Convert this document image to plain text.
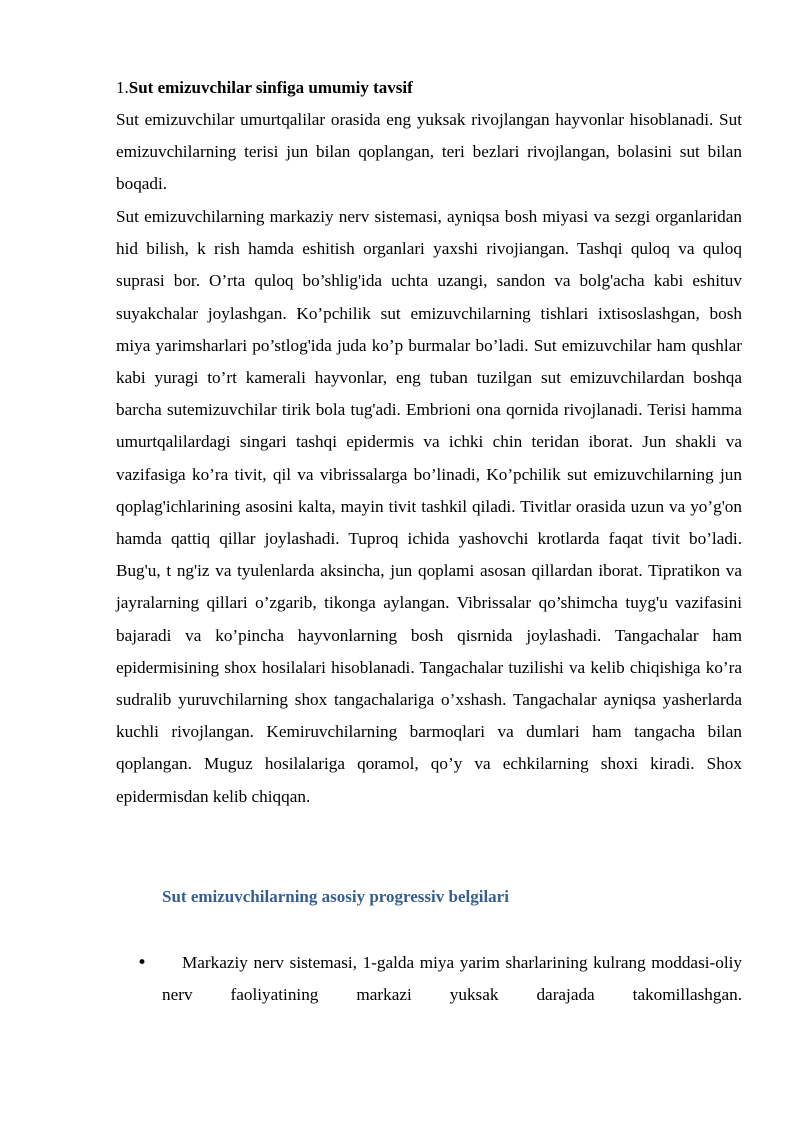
1.Sut emizuvchilar sinfiga umumiy tavsif

Sut emizuvchilar umurtqalilar orasida eng yuksak rivojlangan hayvonlar hisoblanadi. Sut emizuvchilarning terisi jun bilan qoplangan, teri bezlari rivojlangan, bolasini sut bilan boqadi.

Sut emizuvchilarning markaziy nerv sistemasi, ayniqsa bosh miyasi va sezgi organlaridan hid bilish, k rish hamda eshitish organlari yaxshi rivojiangan. Tashqi quloq va quloq suprasi bor. O’rta quloq bo’shlig'ida uchta uzangi, sandon va bolg'acha kabi eshituv suyakchalar joylashgan. Ko’pchilik sut emizuvchilarning tishlari ixtisoslashgan, bosh miya yarimsharlari po’stlog'ida juda ko’p burmalar bo’ladi. Sut emizuvchilar ham qushlar kabi yuragi to’rt kamerali hayvonlar, eng tuban tuzilgan sut emizuvchilardan boshqa barcha sutemizuvchilar tirik bola tug'adi. Embrioni ona qornida rivojlanadi. Terisi hamma umurtqalilardagi singari tashqi epidermis va ichki chin teridan iborat. Jun shakli va vazifasiga ko’ra tivit, qil va vibrissalarga bo’linadi, Ko’pchilik sut emizuvchilarning jun qoplag'ichlarining asosini kalta, mayin tivit tashkil qiladi. Tivitlar orasida uzun va yo’g'on hamda qattiq qillar joylashadi. Tuproq ichida yashovchi krotlarda faqat tivit bo’ladi. Bug'u, t ng'iz va tyulenlarda aksincha, jun qoplami asosan qillardan iborat. Tipratikon va jayralarning qillari o’zgarib, tikonga aylangan. Vibrissalar qo’shimcha tuyg'u vazifasini bajaradi va ko’pincha hayvonlarning bosh qisrnida joylashadi. Tangachalar ham epidermisining shox hosilalari hisoblanadi. Tangachalar tuzilishi va kelib chiqishiga ko’ra sudralib yuruvchilarning shox tangachalariga o’xshash. Tangachalar ayniqsa yasherlarda kuchli rivojlangan. Kemiruvchilarning barmoqlari va dumlari ham tangacha bilan qoplangan. Muguz hosilalariga qoramol, qo’y va echkilarning shoxi kiradi. Shox epidermisdan kelib chiqqan.

Sut emizuvchilarning asosiy progressiv belgilari
•	Markaziy nerv sistemasi, 1-galda miya yarim sharlarining kulrang moddasi-oliy nerv faoliyatining markazi yuksak darajada takomillashgan.
